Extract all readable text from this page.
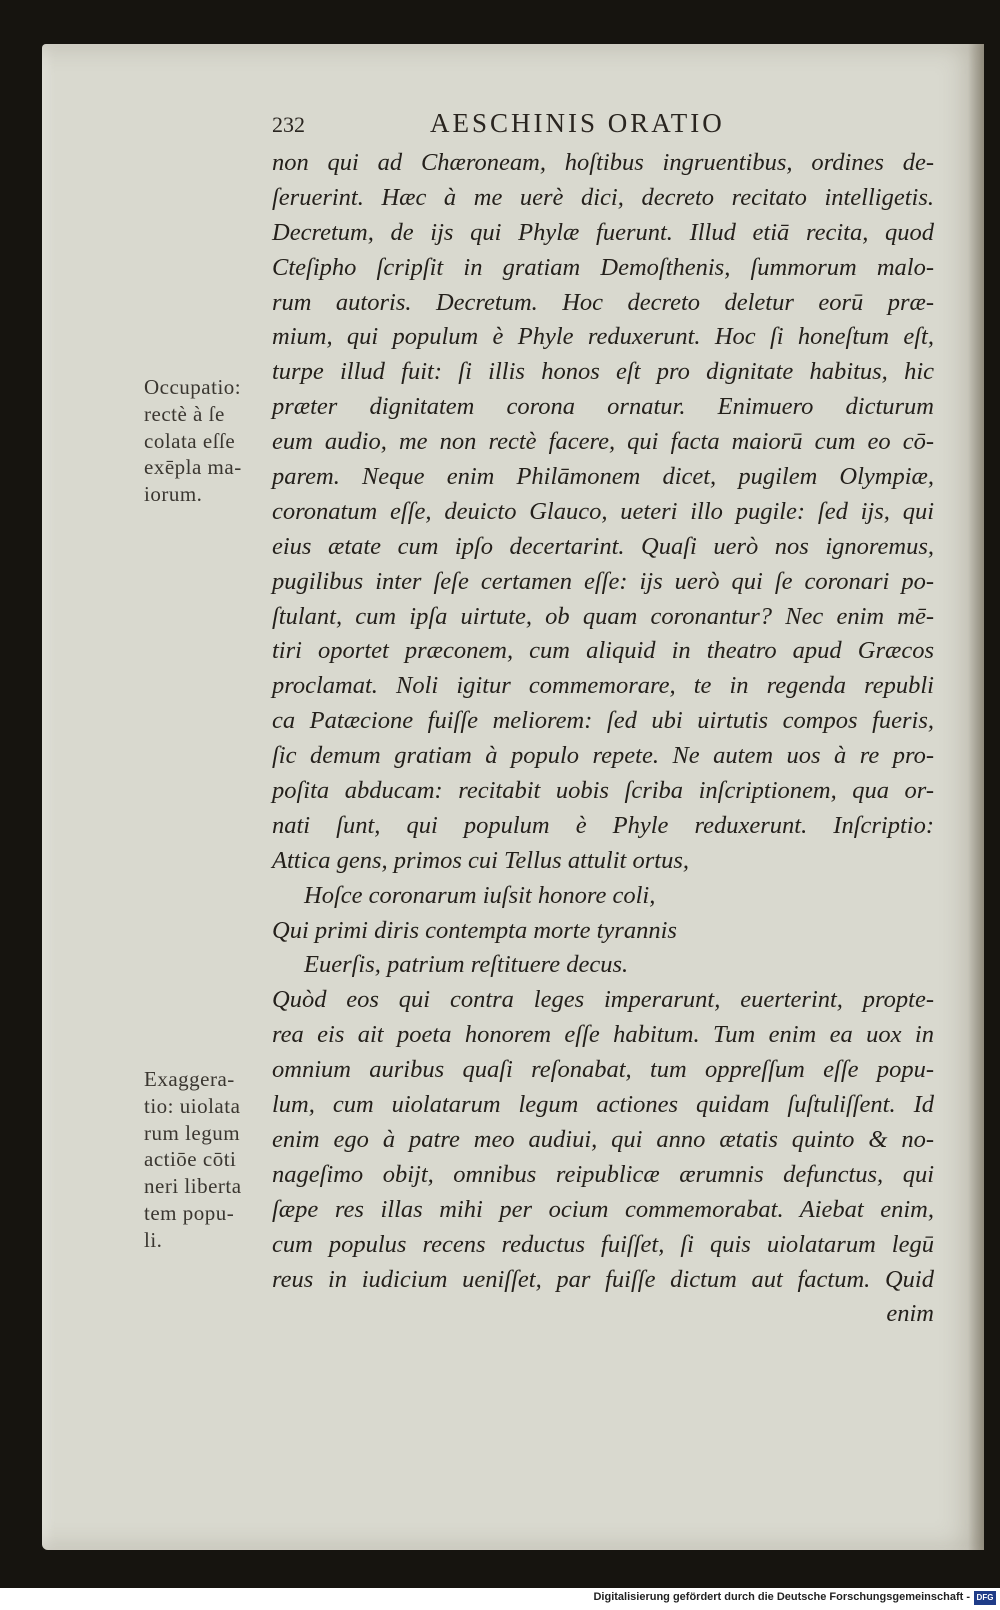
232	AESCHINIS ORATIO
non qui ad Chæroneam, hoſtibus ingruentibus, ordines de-
ſeruerint. Hæc à me uerè dici, decreto recitato intelligetis.
Decretum, de ijs qui Phylæ fuerunt. Illud etiā recita, quod
Cteſipho ſcripſit in gratiam Demoſthenis, ſummorum malo-
rum autoris. Decretum. Hoc decreto deletur eorū præ-
mium, qui populum è Phyle reduxerunt. Hoc ſi honeſtum eſt,
turpe illud fuit: ſi illis honos eſt pro dignitate habitus, hic
præter dignitatem corona ornatur. Enimuero dicturum
eum audio, me non rectè facere, qui facta maiorū cum eo cō-
parem. Neque enim Philāmonem dicet, pugilem Olympiæ,
coronatum eſſe, deuicto Glauco, ueteri illo pugile: ſed ijs, qui
eius ætate cum ipſo decertarint. Quaſi uerò nos ignoremus,
pugilibus inter ſeſe certamen eſſe: ijs uerò qui ſe coronari po-
ſtulant, cum ipſa uirtute, ob quam coronantur? Nec enim mē-
tiri oportet præconem, cum aliquid in theatro apud Græcos
proclamat. Noli igitur commemorare, te in regenda republi
ca Patæcione fuiſſe meliorem: ſed ubi uirtutis compos fueris,
ſic demum gratiam à populo repete. Ne autem uos à re pro-
poſita abducam: recitabit uobis ſcriba inſcriptionem, qua or-
nati ſunt, qui populum è Phyle reduxerunt. Inſcriptio:
Attica gens, primos cui Tellus attulit ortus,
Hoſce coronarum iuſsit honore coli,
Qui primi diris contempta morte tyrannis
Euerſis, patrium reſtituere decus.
Quòd eos qui contra leges imperarunt, euerterint, propte-
rea eis ait poeta honorem eſſe habitum. Tum enim ea uox in
omnium auribus quaſi reſonabat, tum oppreſſum eſſe popu-
lum, cum uiolatarum legum actiones quidam ſuſtuliſſent. Id
enim ego à patre meo audiui, qui anno ætatis quinto & no-
nageſimo obijt, omnibus reipublicæ ærumnis defunctus, qui
ſæpe res illas mihi per ocium commemorabat. Aiebat enim,
cum populus recens reductus fuiſſet, ſi quis uiolatarum legū
reus in iudicium ueniſſet, par fuiſſe dictum aut factum. Quid
enim
Occupatio:
rectè à ſe
colata eſſe
exēpla ma-
iorum.
Exaggera-
tio: uiolata
rum legum
actiōe cōti
neri liberta
tem popu-
li.
Digitalisierung gefördert durch die Deutsche Forschungsgemeinschaft - DFG
